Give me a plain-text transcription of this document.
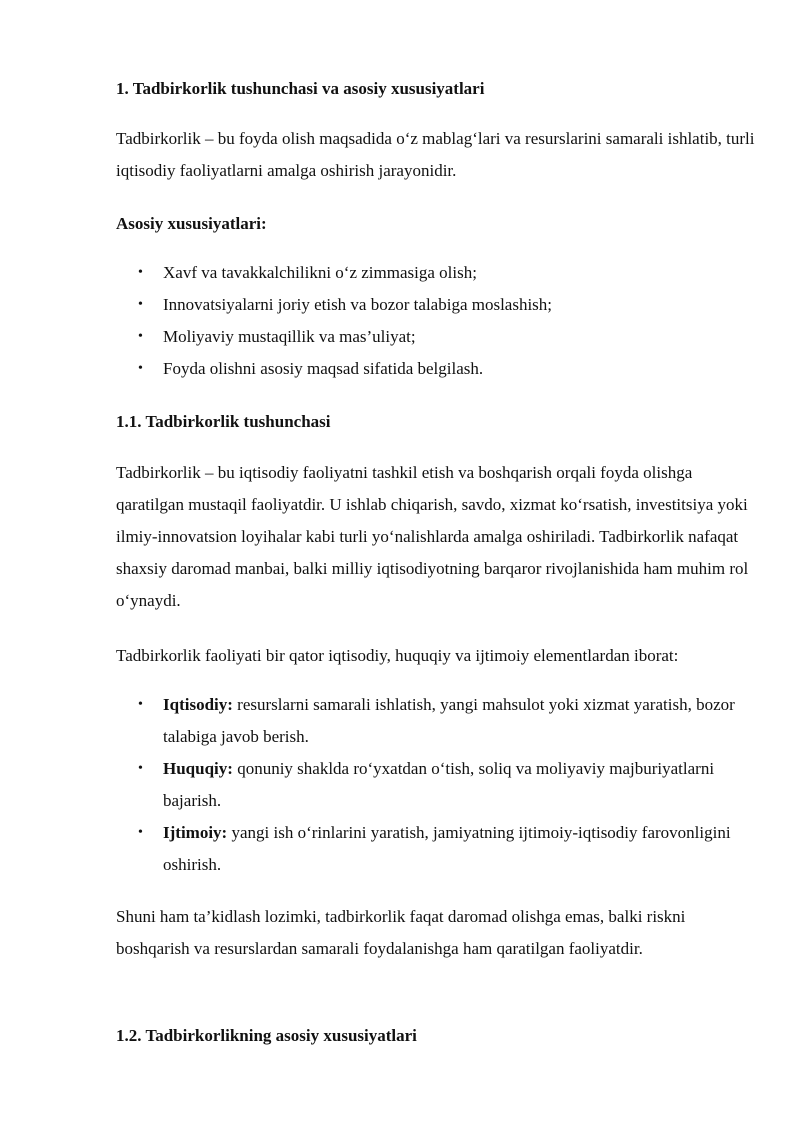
1. Tadbirkorlik tushunchasi va asosiy xususiyatlari

Tadbirkorlik – bu foyda olish maqsadida o‘z mablag‘lari va resurslarini samarali ishlatib, turli iqtisodiy faoliyatlarni amalga oshirish jarayonidir.

Asosiy xususiyatlari:
• Xavf va tavakkalchilikni o‘z zimmasiga olish;
• Innovatsiyalarni joriy etish va bozor talabiga moslashish;
• Moliyaviy mustaqillik va mas’uliyat;
• Foyda olishni asosiy maqsad sifatida belgilash.
1.1. Tadbirkorlik tushunchasi

Tadbirkorlik – bu iqtisodiy faoliyatni tashkil etish va boshqarish orqali foyda olishga qaratilgan mustaqil faoliyatdir. U ishlab chiqarish, savdo, xizmat ko‘rsatish, investitsiya yoki ilmiy-innovatsion loyihalar kabi turli yo‘nalishlarda amalga oshiriladi. Tadbirkorlik nafaqat shaxsiy daromad manbai, balki milliy iqtisodiyotning barqaror rivojlanishida ham muhim rol o‘ynaydi.

Tadbirkorlik faoliyati bir qator iqtisodiy, huquqiy va ijtimoiy elementlardan iborat:

• Iqtisodiy: resurslarni samarali ishlatish, yangi mahsulot yoki xizmat yaratish, bozor talabiga javob berish.
• Huquqiy: qonuniy shaklda ro‘yxatdan o‘tish, soliq va moliyaviy majburiyatlarni bajarish.
• Ijtimoiy: yangi ish o‘rinlarini yaratish, jamiyatning ijtimoiy-iqtisodiy farovonligini oshirish.

Shuni ham ta’kidlash lozimki, tadbirkorlik faqat daromad olishga emas, balki riskni boshqarish va resurslardan samarali foydalanishga ham qaratilgan faoliyatdir.

1.2. Tadbirkorlikning asosiy xususiyatlari
